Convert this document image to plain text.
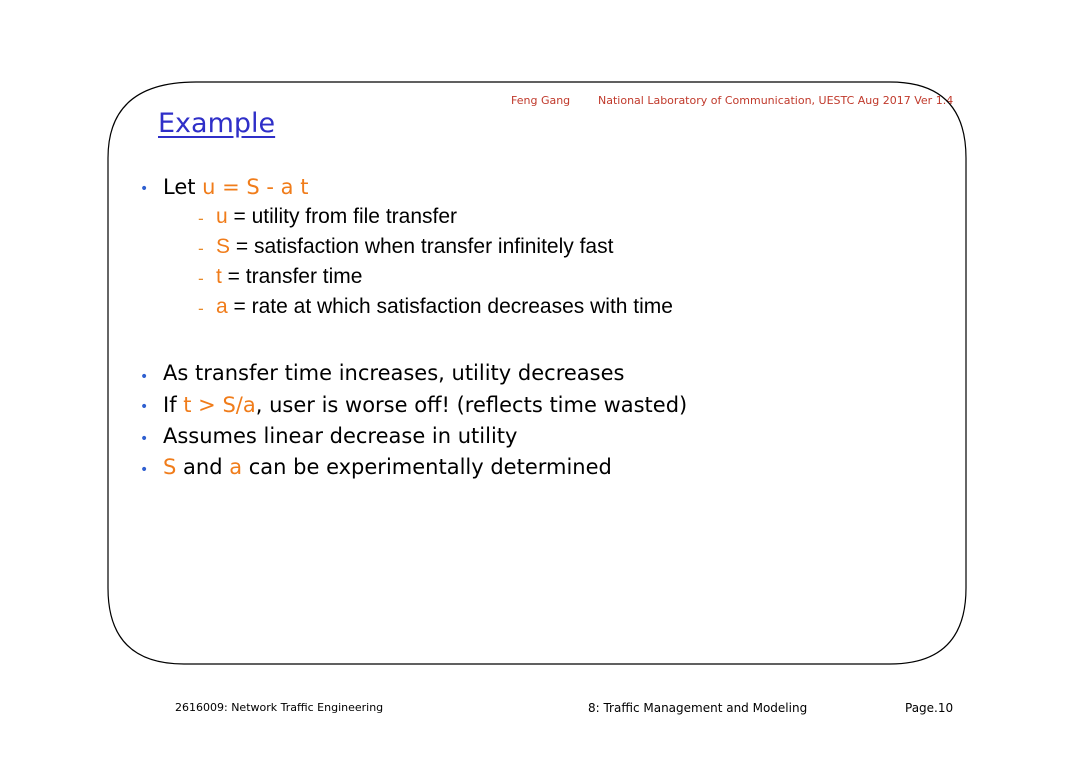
Feng Gang	National Laboratory of Communication, UESTC Aug 2017 Ver 1.4
Example
• Let u = S - a t
- u = utility from file transfer
- S = satisfaction when transfer infinitely fast
- t = transfer time
- a = rate at which satisfaction decreases with time
• As transfer time increases, utility decreases
• If t > S/a, user is worse off! (reflects time wasted)
• Assumes linear decrease in utility
• S and a can be experimentally determined
2616009: Network Traffic Engineering	8: Traffic Management and Modeling	Page.10
